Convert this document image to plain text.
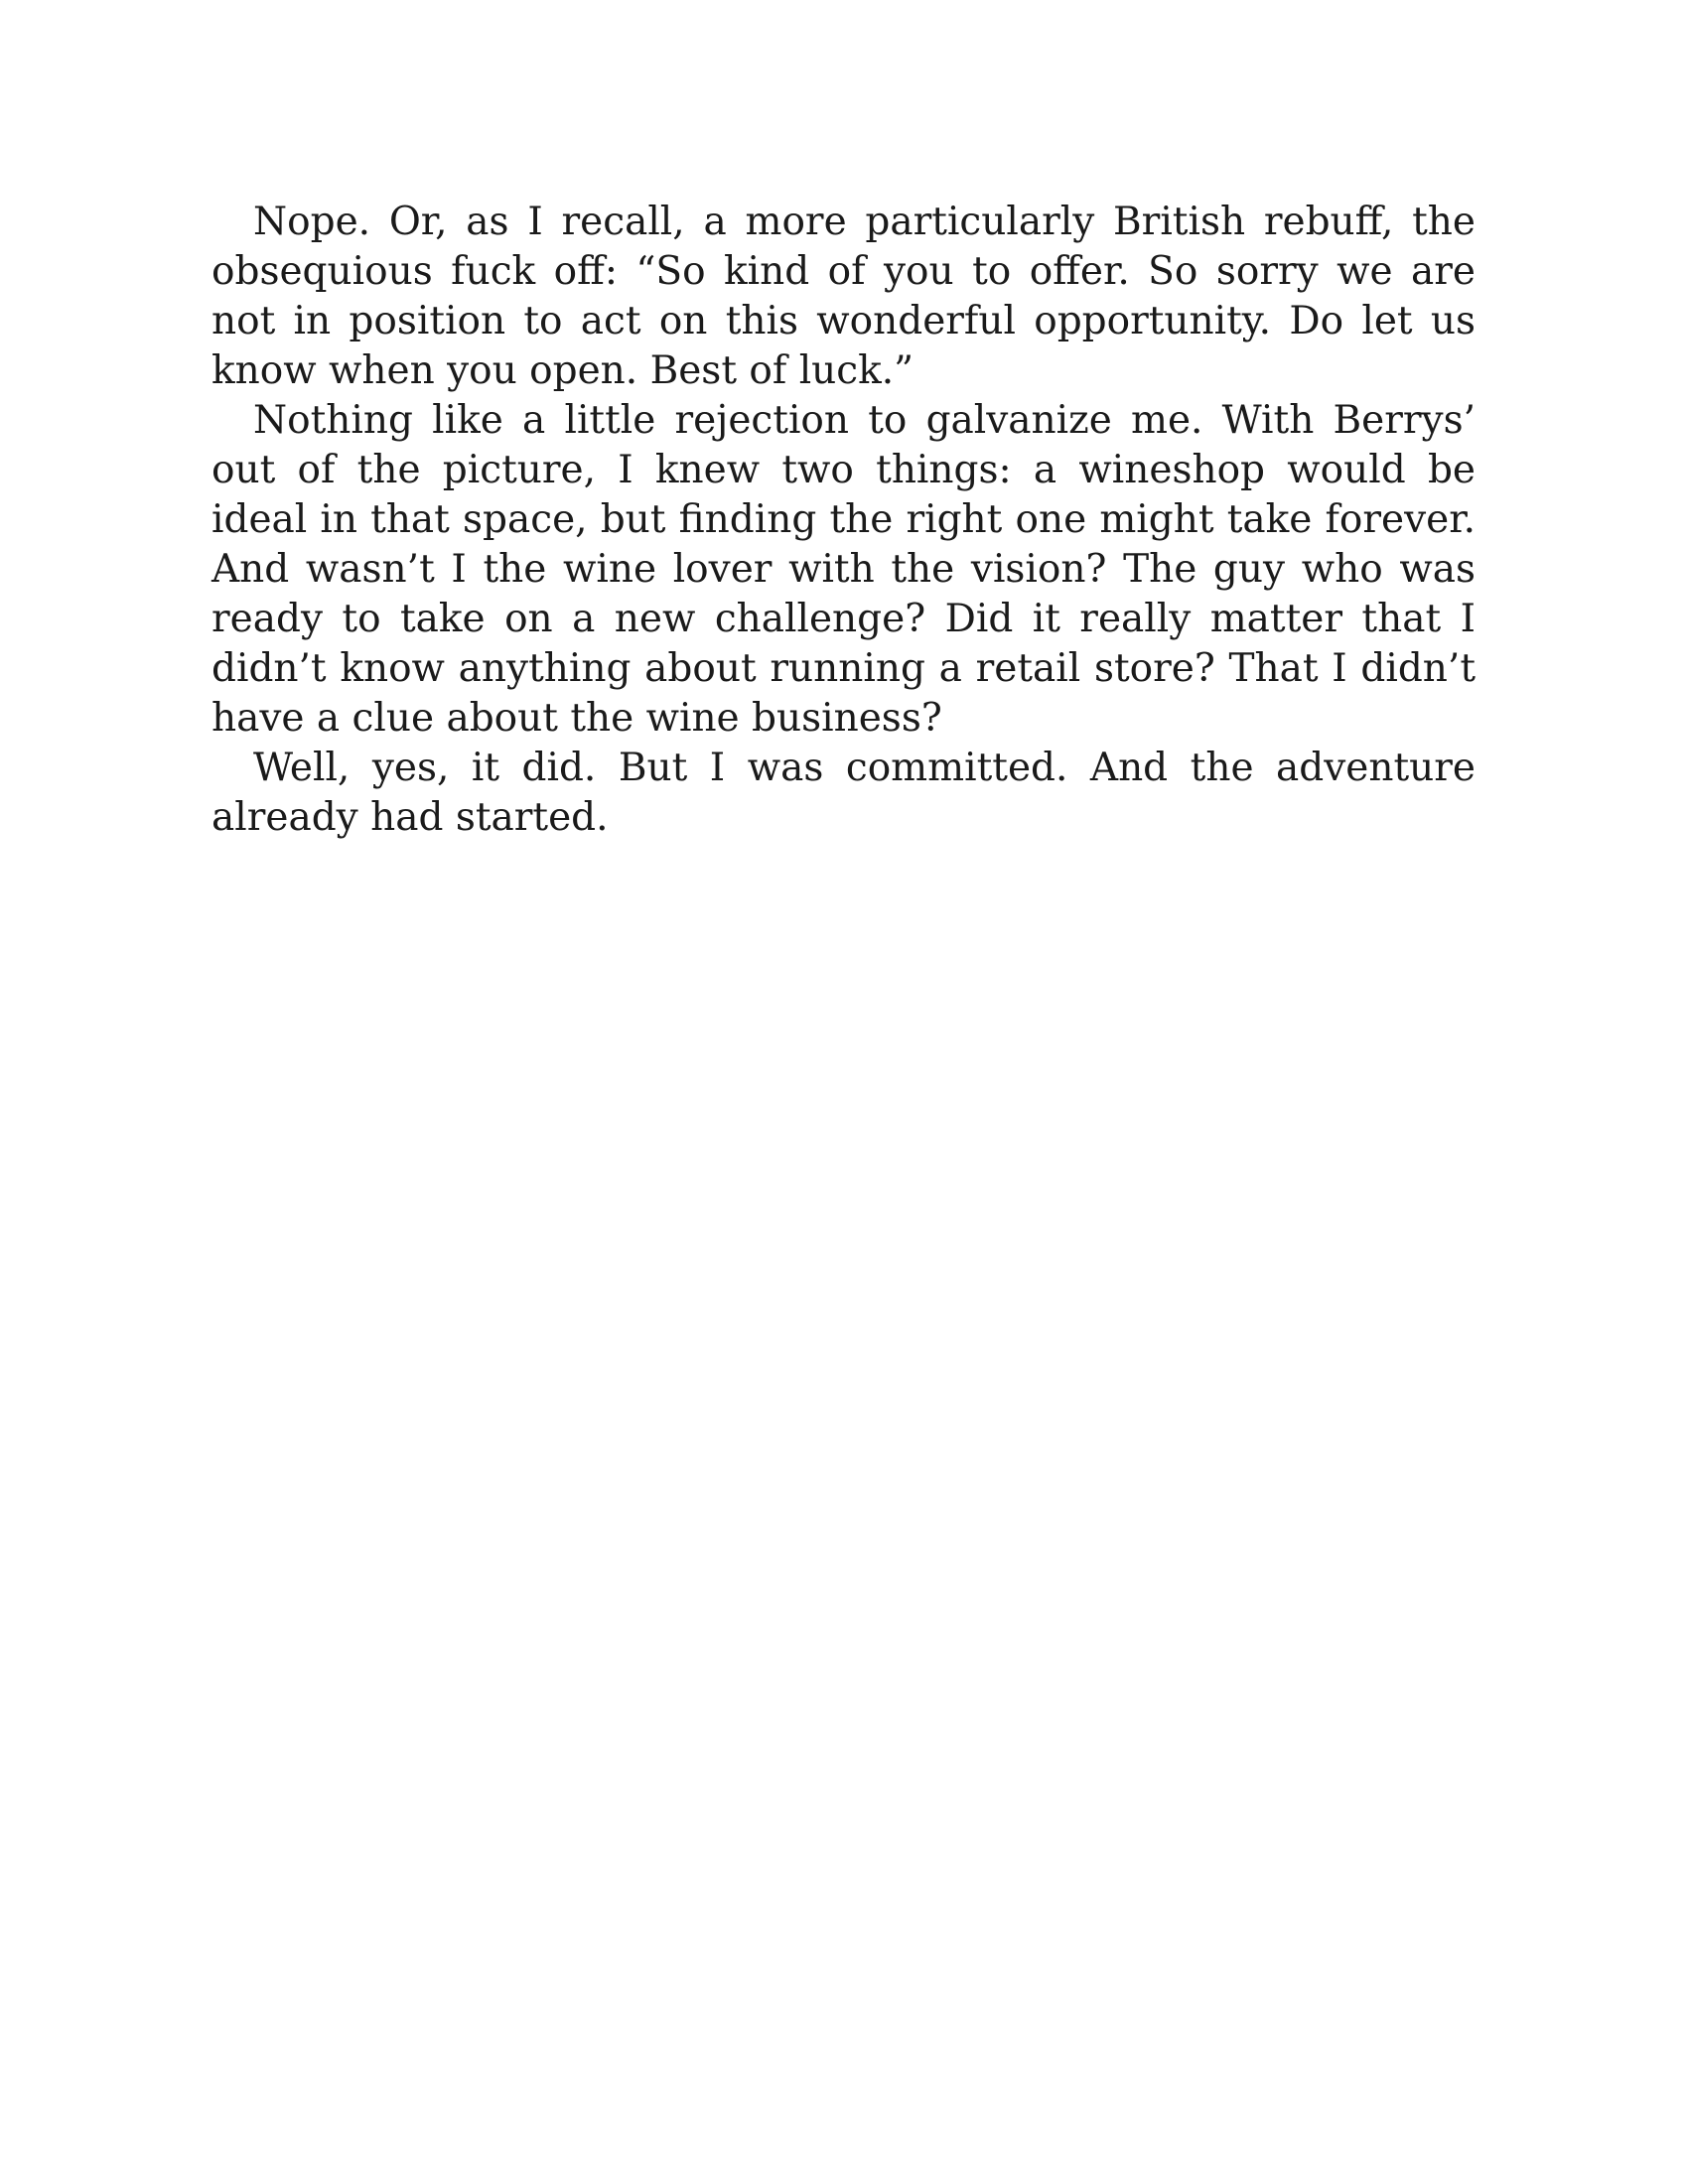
Nope. Or, as I recall, a more particularly British rebuff, the obsequious fuck off: “So kind of you to offer. So sorry we are not in position to act on this wonderful opportunity. Do let us know when you open. Best of luck.”

Nothing like a little rejection to galvanize me. With Berrys’ out of the picture, I knew two things: a wineshop would be ideal in that space, but finding the right one might take forever. And wasn’t I the wine lover with the vision? The guy who was ready to take on a new challenge? Did it really matter that I didn’t know anything about running a retail store? That I didn’t have a clue about the wine business?

Well, yes, it did. But I was committed. And the adventure already had started.
